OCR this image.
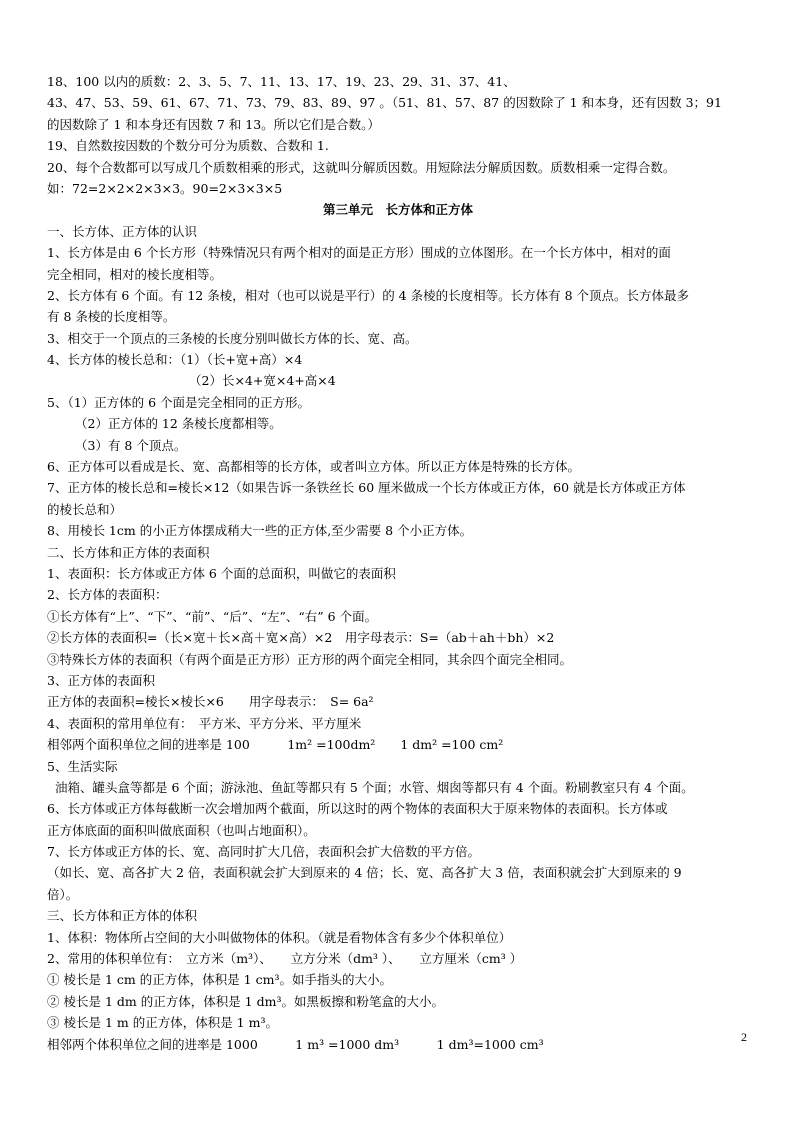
18、100 以内的质数：2、3、5、7、11、13、17、19、23、29、31、37、41、
43、47、53、59、61、67、71、73、79、83、89、97 。（51、81、57、87 的因数除了 1 和本身，还有因数 3；91
的因数除了 1 和本身还有因数 7 和 13。所以它们是合数。）
19、自然数按因数的个数分可分为质数、合数和 1.
20、每个合数都可以写成几个质数相乘的形式，这就叫分解质因数。用短除法分解质因数。质数相乘一定得合数。
如：72=2×2×2×3×3。90=2×3×3×5
第三单元　长方体和正方体
一、长方体、正方体的认识
1、长方体是由 6 个长方形（特殊情况只有两个相对的面是正方形）围成的立体图形。在一个长方体中，相对的面
完全相同，相对的棱长度相等。
2、长方体有 6 个面。有 12 条棱，相对（也可以说是平行）的 4 条棱的长度相等。长方体有 8 个顶点。长方体最多
有 8 条棱的长度相等。
3、相交于一个顶点的三条棱的长度分别叫做长方体的长、宽、高。
4、长方体的棱长总和：（1）（长+宽+高）×4
（2）长×4+宽×4+高×4
5、（1）正方体的 6 个面是完全相同的正方形。
（2）正方体的 12 条棱长度都相等。
（3）有 8 个顶点。
6、正方体可以看成是长、宽、高都相等的长方体，或者叫立方体。所以正方体是特殊的长方体。
7、正方体的棱长总和=棱长×12（如果告诉一条铁丝长 60 厘米做成一个长方体或正方体，60 就是长方体或正方体
的棱长总和）
8、用棱长 1cm 的小正方体摆成稍大一些的正方体,至少需要 8 个小正方体。
二、长方体和正方体的表面积
1、表面积：长方体或正方体 6 个面的总面积，叫做它的表面积
2、长方体的表面积：
①长方体有“上”、“下”、“前”、“后”、“左”、“右” 6 个面。
②长方体的表面积=（长×宽＋长×高＋宽×高）×2　用字母表示：S=（ab＋ah＋bh）×2
③特殊长方体的表面积（有两个面是正方形）正方形的两个面完全相同，其余四个面完全相同。
3、正方体的表面积
正方体的表面积=棱长×棱长×6　　用字母表示：　S= 6a²
4、表面积的常用单位有：　平方米、平方分米、平方厘米
相邻两个面积单位之间的进率是 100　　　1m² =100dm²　　1 dm² =100 cm²
5、生活实际
油箱、罐头盒等都是 6 个面；游泳池、鱼缸等都只有 5 个面；水管、烟囱等都只有 4 个面。粉刷教室只有 4 个面。
6、长方体或正方体每截断一次会增加两个截面，所以这时的两个物体的表面积大于原来物体的表面积。长方体或
正方体底面的面积叫做底面积（也叫占地面积）。
7、长方体或正方体的长、宽、高同时扩大几倍，表面积会扩大倍数的平方倍。
（如长、宽、高各扩大 2 倍，表面积就会扩大到原来的 4 倍；长、宽、高各扩大 3 倍，表面积就会扩大到原来的 9
倍）。
三、长方体和正方体的体积
1、体积：物体所占空间的大小叫做物体的体积。（就是看物体含有多少个体积单位）
2、常用的体积单位有：　立方米（m³）、　　立方分米（dm³ ）、　　立方厘米（cm³ ）
① 棱长是 1 cm 的正方体，体积是 1 cm³。如手指头的大小。
② 棱长是 1 dm 的正方体，体积是 1 dm³。如黑板擦和粉笔盒的大小。
③ 棱长是 1 m 的正方体，体积是 1 m³。
相邻两个体积单位之间的进率是 1000　　　1 m³ =1000 dm³　　　1 dm³=1000 cm³	2
